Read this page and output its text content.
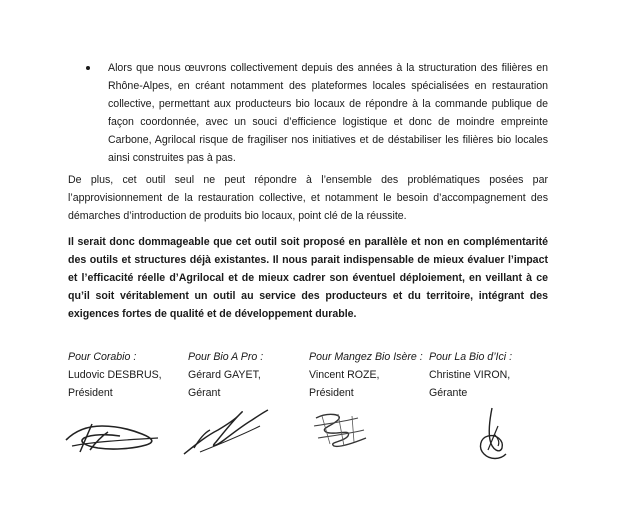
Alors que nous œuvrons collectivement depuis des années à la structuration des filières en Rhône-Alpes, en créant notamment des plateformes locales spécialisées en restauration collective, permettant aux producteurs bio locaux de répondre à la commande publique de façon coordonnée, avec un souci d’efficience logistique et donc de moindre empreinte Carbone, Agrilocal risque de fragiliser nos initiatives et de déstabiliser les filières bio locales ainsi construites pas à pas.

De plus, cet outil seul ne peut répondre à l’ensemble des problématiques posées par l’approvisionnement de la restauration collective, et notamment le besoin d’accompagnement des démarches d’introduction de produits bio locaux, point clé de la réussite.

Il serait donc dommageable que cet outil soit proposé en parallèle et non en complémentarité des outils et structures déjà existantes. Il nous parait indispensable de mieux évaluer l’impact et l’efficacité réelle d’Agrilocal et de mieux cadrer son éventuel déploiement, en veillant à ce qu’il soit véritablement un outil au service des producteurs et du territoire, intégrant des exigences fortes de qualité et de développement durable.

Pour Corabio :
Ludovic DESBRUS,
Président
Pour Bio A Pro :
Gérard GAYET,
Gérant
Pour Mangez Bio Isère :
Vincent ROZE,
Président
Pour La Bio d’Ici :
Christine VIRON,
Gérante
